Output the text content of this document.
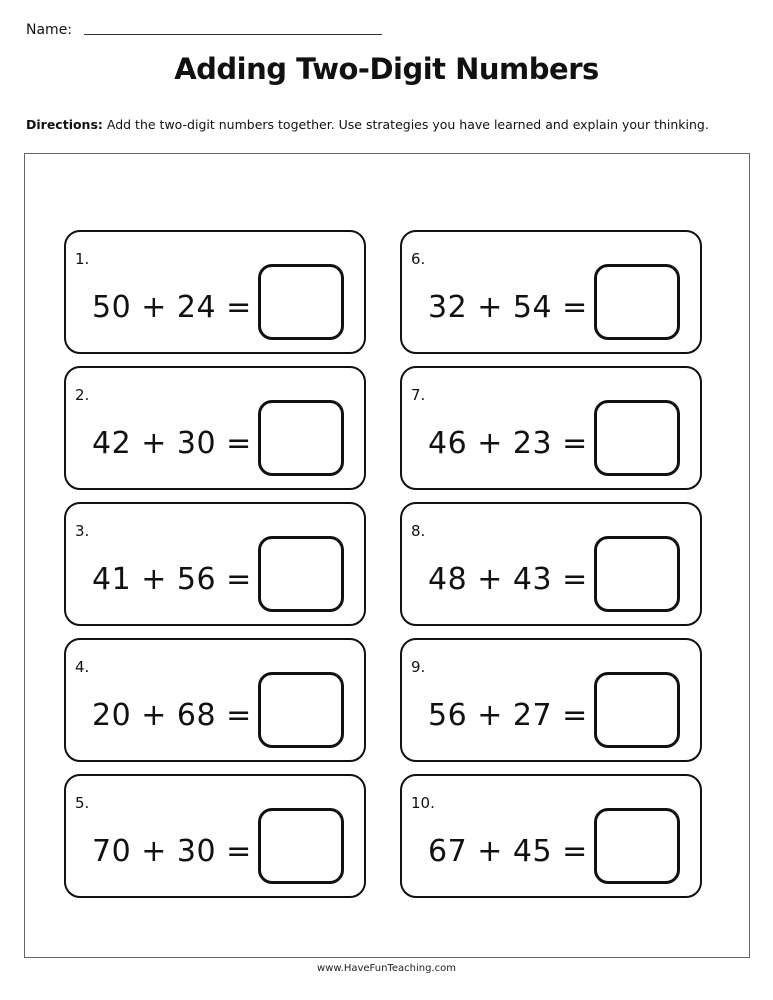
Name:
Adding Two-Digit Numbers
Directions: Add the two-digit numbers together. Use strategies you have learned and explain your thinking.
1.
50 + 24 =
2.
42 + 30 =
3.
41 + 56 =
4.
20 + 68 =
5.
70 + 30 =
6.
32 + 54 =
7.
46 + 23 =
8.
48 + 43 =
9.
56 + 27 =
10.
67 + 45 =
www.HaveFunTeaching.com
